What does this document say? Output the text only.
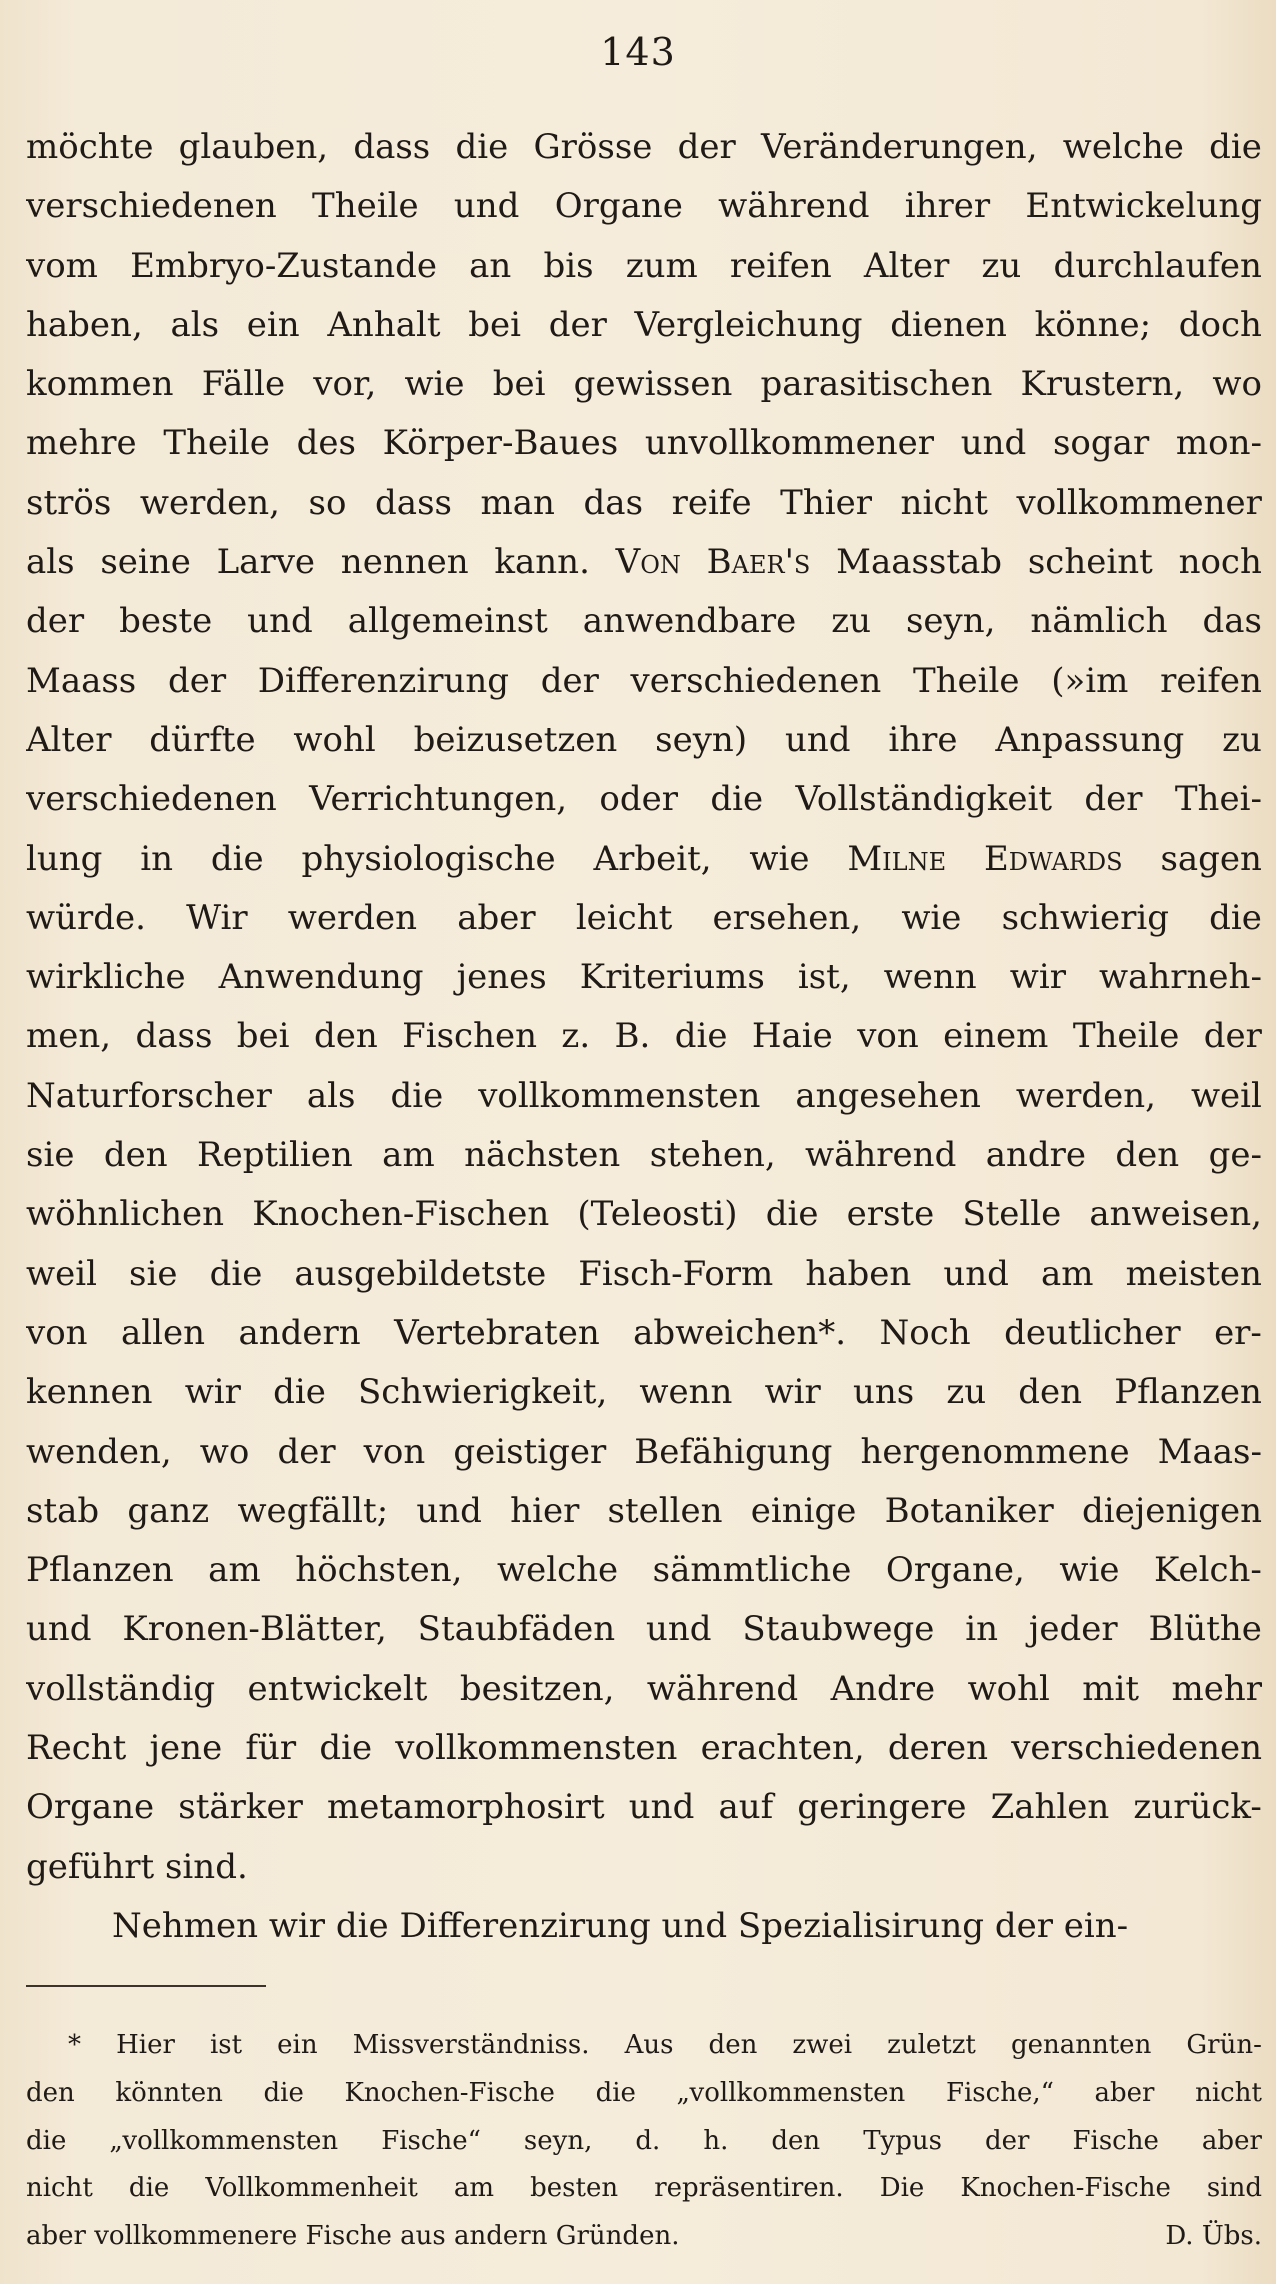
143
möchte glauben, dass die Grösse der Veränderungen, welche die
verschiedenen Theile und Organe während ihrer Entwickelung
vom Embryo-Zustande an bis zum reifen Alter zu durchlaufen
haben, als ein Anhalt bei der Vergleichung dienen könne; doch
kommen Fälle vor, wie bei gewissen parasitischen Krustern, wo
mehre Theile des Körper-Baues unvollkommener und sogar mon-
strös werden, so dass man das reife Thier nicht vollkommener
als seine Larve nennen kann. Von Baer's Maasstab scheint noch
der beste und allgemeinst anwendbare zu seyn, nämlich das
Maass der Differenzirung der verschiedenen Theile (»im reifen
Alter dürfte wohl beizusetzen seyn) und ihre Anpassung zu
verschiedenen Verrichtungen, oder die Vollständigkeit der Thei-
lung in die physiologische Arbeit, wie Milne Edwards sagen
würde. Wir werden aber leicht ersehen, wie schwierig die
wirkliche Anwendung jenes Kriteriums ist, wenn wir wahrneh-
men, dass bei den Fischen z. B. die Haie von einem Theile der
Naturforscher als die vollkommensten angesehen werden, weil
sie den Reptilien am nächsten stehen, während andre den ge-
wöhnlichen Knochen-Fischen (Teleosti) die erste Stelle anweisen,
weil sie die ausgebildetste Fisch-Form haben und am meisten
von allen andern Vertebraten abweichen*. Noch deutlicher er-
kennen wir die Schwierigkeit, wenn wir uns zu den Pflanzen
wenden, wo der von geistiger Befähigung hergenommene Maas-
stab ganz wegfällt; und hier stellen einige Botaniker diejenigen
Pflanzen am höchsten, welche sämmtliche Organe, wie Kelch-
und Kronen-Blätter, Staubfäden und Staubwege in jeder Blüthe
vollständig entwickelt besitzen, während Andre wohl mit mehr
Recht jene für die vollkommensten erachten, deren verschiedenen
Organe stärker metamorphosirt und auf geringere Zahlen zurück-
geführt sind.
Nehmen wir die Differenzirung und Spezialisirung der ein-
* Hier ist ein Missverständniss. Aus den zwei zuletzt genannten Grün-
den könnten die Knochen-Fische die „vollkommensten Fische,“ aber nicht
die „vollkommensten Fische“ seyn, d. h. den Typus der Fische aber
nicht die Vollkommenheit am besten repräsentiren. Die Knochen-Fische sind
aber vollkommenere Fische aus andern Gründen.	D. Übs.
